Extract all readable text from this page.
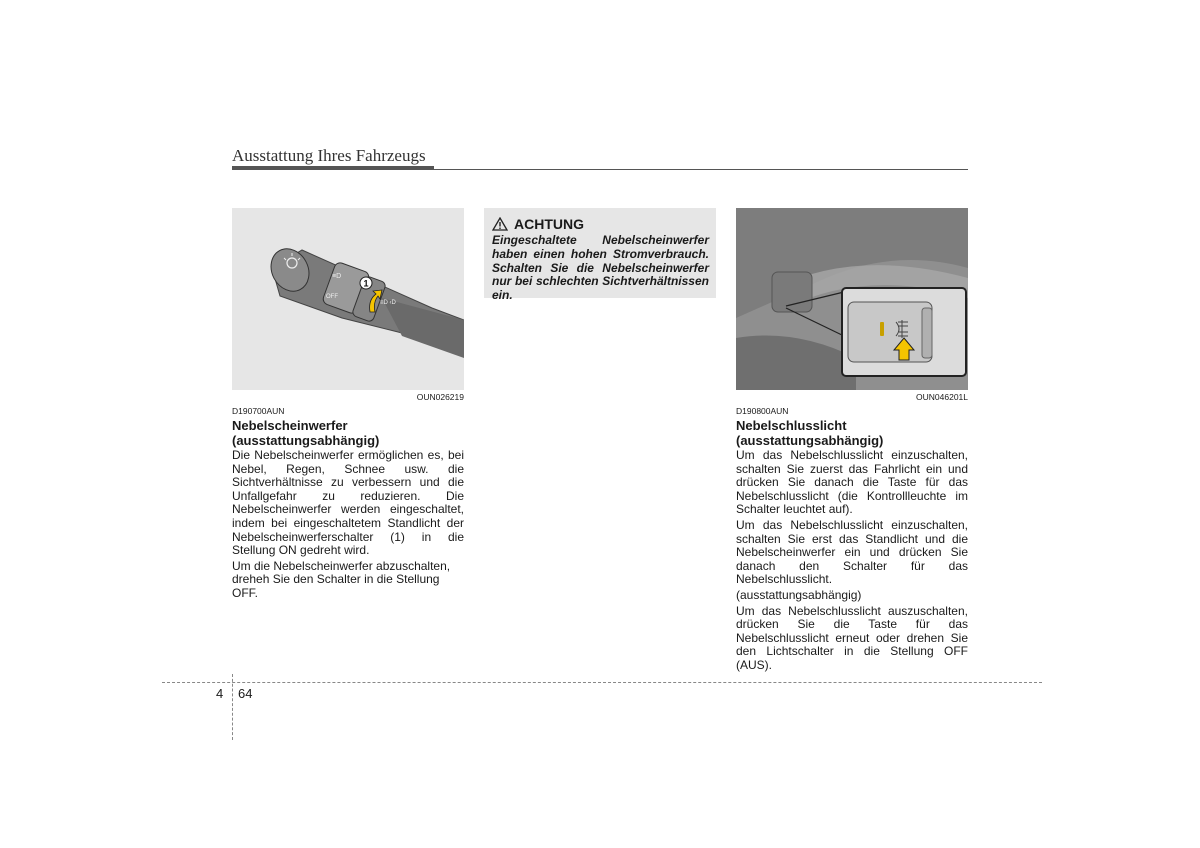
Ausstattung Ihres Fahrzeugs
OFF
≡D
1
≡D ‹D
OUN026219
D190700AUN
Nebelscheinwerfer
(ausstattungsabhängig)

Die Nebelscheinwerfer ermöglichen es, bei Nebel, Regen, Schnee usw. die Sichtverhältnisse zu verbessern und die Unfallgefahr zu reduzieren. Die Nebelscheinwerfer werden eingeschaltet, indem bei eingeschaltetem Standlicht der Nebelscheinwerferschalter (1) in die Stellung ON gedreht wird.

Um die Nebelscheinwerfer abzuschalten, dreheh Sie den Schalter in die Stellung OFF.

ACHTUNG
Eingeschaltete Nebelscheinwerfer haben einen hohen Stromverbrauch. Schalten Sie die Nebelscheinwerfer nur bei schlechten Sichtverhältnissen ein.
OUN046201L
D190800AUN
Nebelschlusslicht
(ausstattungsabhängig)

Um das Nebelschlusslicht einzuschalten, schalten Sie zuerst das Fahrlicht ein und drücken Sie danach die Taste für das Nebelschlusslicht (die Kontrollleuchte im Schalter leuchtet auf).

Um das Nebelschlusslicht einzuschalten, schalten Sie erst das Standlicht und die Nebelscheinwerfer ein und drücken Sie danach den Schalter für das Nebelschlusslicht.

(ausstattungsabhängig)

Um das Nebelschlusslicht auszuschalten, drücken Sie die Taste für das Nebelschlusslicht erneut oder drehen Sie den Lichtschalter in die Stellung OFF (AUS).

4 64
